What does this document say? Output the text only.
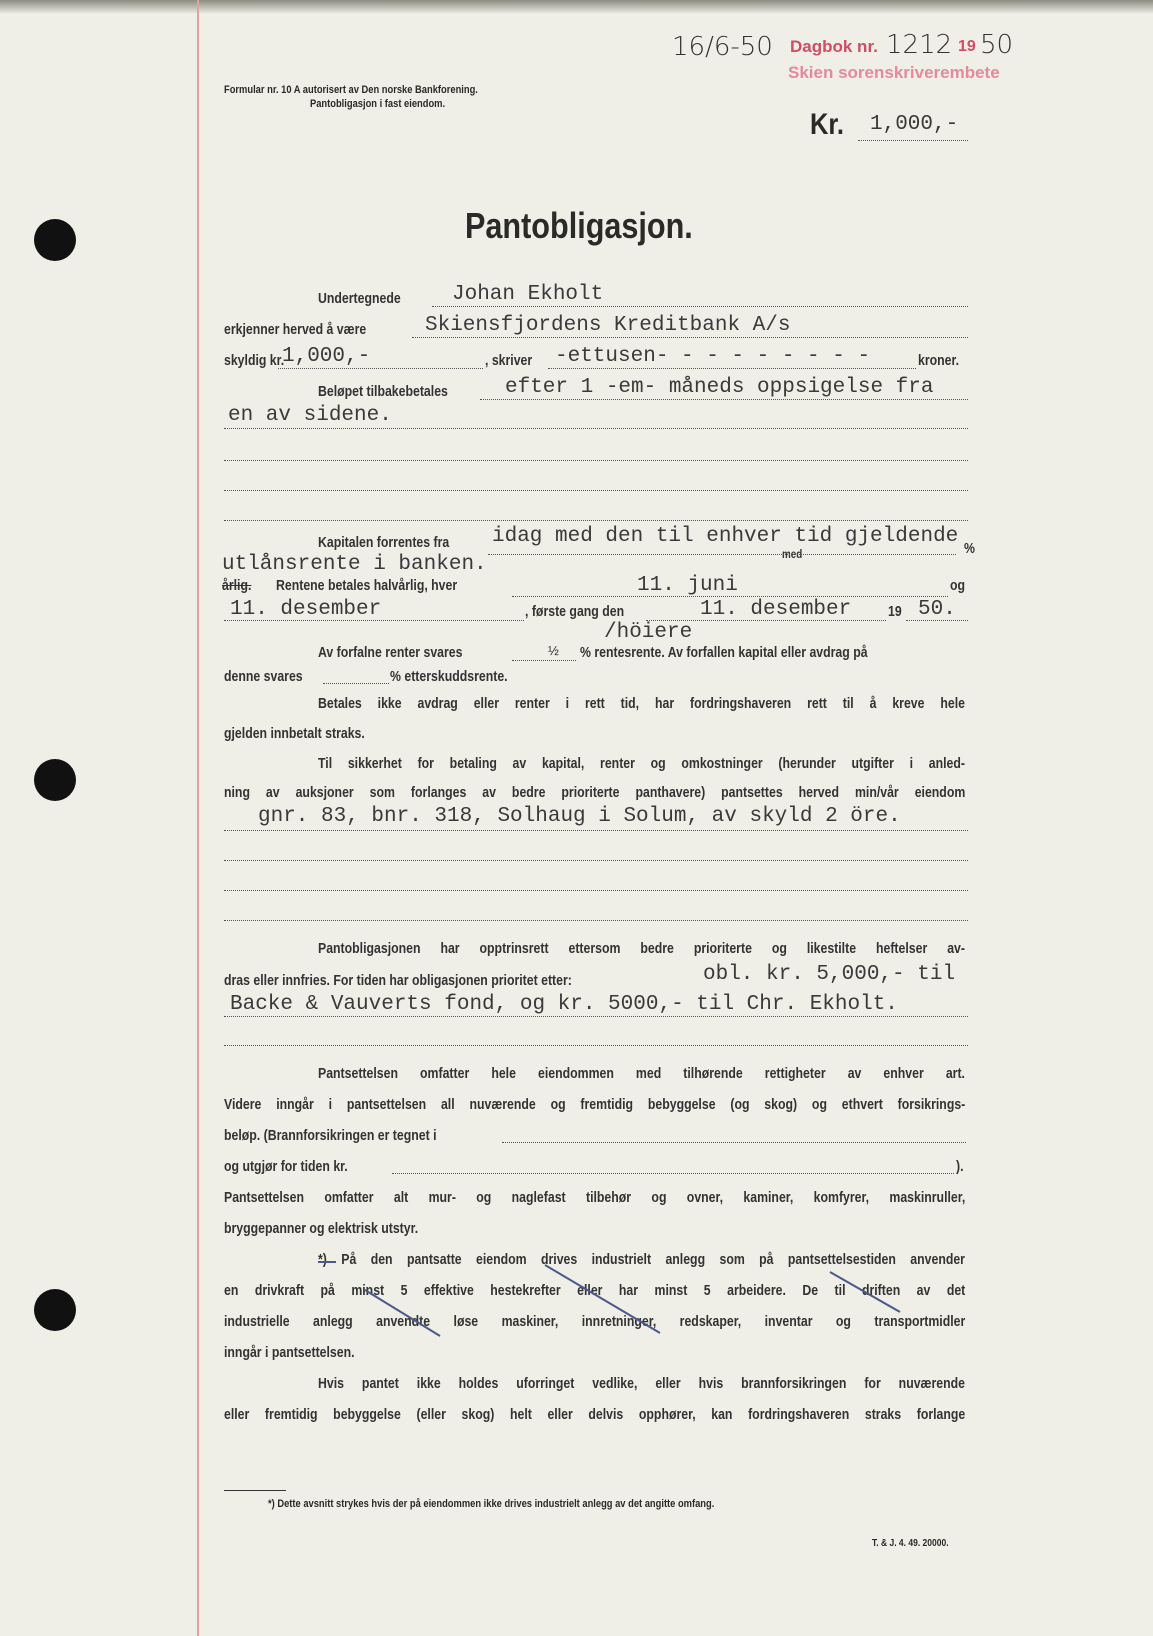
Formular nr. 10 A autorisert av Den norske Bankforening.
Pantobligasjon i fast eiendom.
16/6-50 Dagbok nr. 1212 19 50
Skien sorenskriverembete
Kr. 1,000,-
Pantobligasjon.
Undertegnede Johan Ekholt
erkjenner herved å være	Skiensfjordens Kreditbank A/s
skyldig kr.
1,000,-	, skriver -ettusen- - - - - - - - -	kroner.
Beløpet tilbakebetales	efter 1 -em- måneds oppsigelse fra
en av sidene.
Kapitalen forrentes fra idag med den til enhver tid gjeldende
med	%
utlånsrente i banken.
årlig. Rentene betales halvårlig, hver	11. juni	og
11. desember	, første gang den	11. desember 19 50.
/höiere
Av forfalne renter svares	½ % rentesrente. Av forfallen kapital eller avdrag på
denne svares	% etterskuddsrente.
Betales ikke avdrag eller renter i rett tid, har fordringshaveren rett til å kreve hele
gjelden innbetalt straks.
Til sikkerhet for betaling av kapital, renter og omkostninger (herunder utgifter i anled-
ning av auksjoner som forlanges av bedre prioriterte panthavere) pantsettes herved min/vår eiendom
gnr. 83, bnr. 318, Solhaug i Solum, av skyld 2 öre.
Pantobligasjonen har opptrinsrett ettersom bedre prioriterte og likestilte heftelser av-
dras eller innfries. For tiden har obligasjonen prioritet etter:	obl. kr. 5,000,- til
Backe & Vauverts fond, og kr. 5000,- til Chr. Ekholt.
Pantsettelsen omfatter hele eiendommen med tilhørende rettigheter av enhver art.
Videre inngår i pantsettelsen all nuværende og fremtidig bebyggelse (og skog) og ethvert forsikrings-
beløp. (Brannforsikringen er tegnet i
og utgjør for tiden kr.	).
Pantsettelsen omfatter alt mur- og naglefast tilbehør og ovner, kaminer, komfyrer, maskinruller,
bryggepanner og elektrisk utstyr.
*) På den pantsatte eiendom drives industrielt anlegg som på pantsettelsestiden anvender
en drivkraft på minst 5 effektive hestekrefter eller har minst 5 arbeidere. De til driften av det
industrielle anlegg anvendte løse maskiner, innretninger, redskaper, inventar og transportmidler
inngår i pantsettelsen.
Hvis pantet ikke holdes uforringet vedlike, eller hvis brannforsikringen for nuværende
eller fremtidig bebyggelse (eller skog) helt eller delvis opphører, kan fordringshaveren straks forlange
*) Dette avsnitt strykes hvis der på eiendommen ikke drives industrielt anlegg av det angitte omfang.
T. & J. 4. 49. 20000.
